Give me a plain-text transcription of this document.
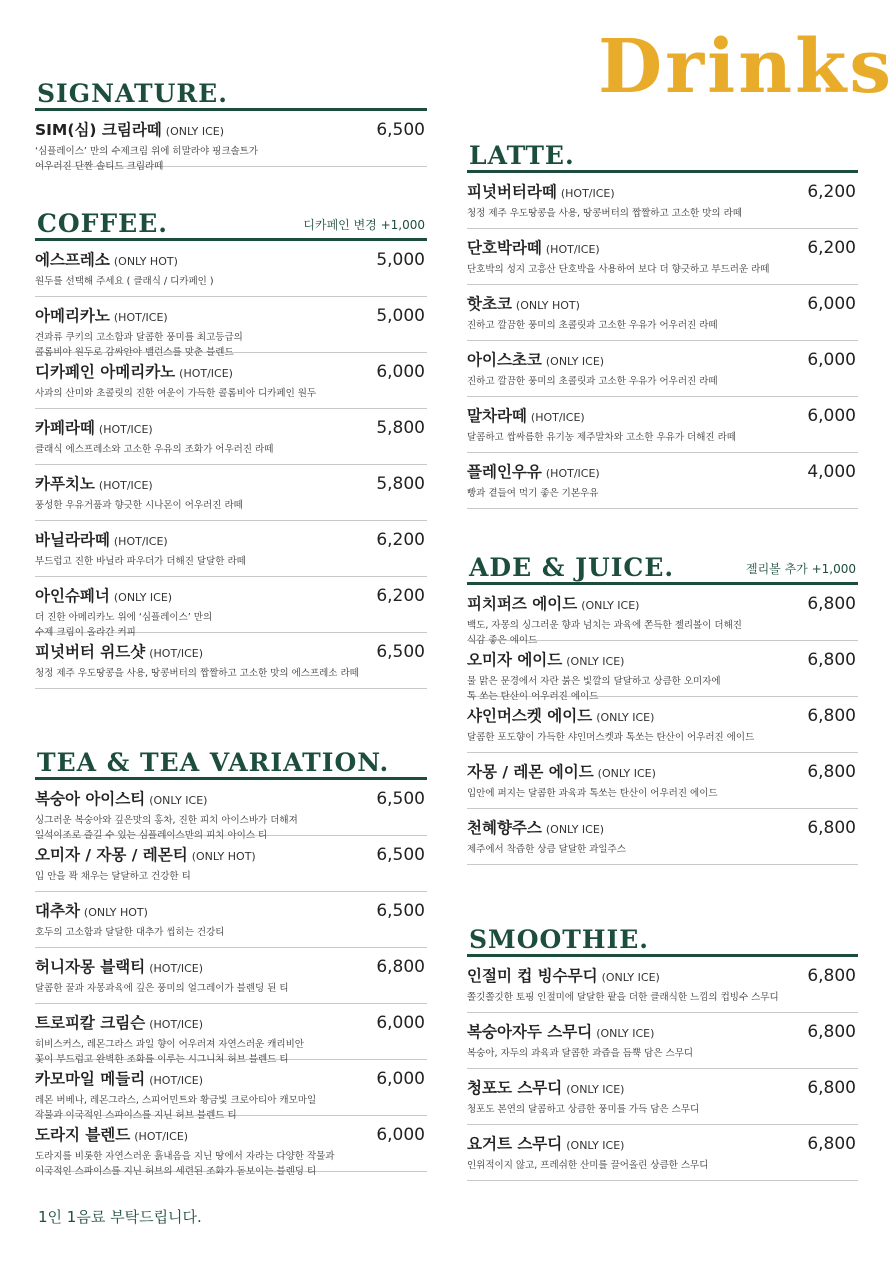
Drinks
SIGNATURE.
SIM(심) 크림라떼 (ONLY ICE)	6,500
‘심플레이스’ 만의 수제크림 위에 히말라야 핑크솔트가
어우러진 단짠 솔티드 크림라떼
COFFEE.	디카페인 변경 +1,000
에스프레소 (ONLY HOT)	5,000
원두를 선택해 주세요 ( 클래식 / 디카페인 )
아메리카노 (HOT/ICE)	5,000
견과류 쿠키의 고소함과 달콤한 풍미를 최고등급의
콜롬비아 원두로 감싸안아 밸런스를 맞춘 블렌드
디카페인 아메리카노 (HOT/ICE)	6,000
사과의 산미와 초콜릿의 진한 여운이 가득한 콜롬비아 디카페인 원두
카페라떼 (HOT/ICE)	5,800
클래식 에스프레소와 고소한 우유의 조화가 어우러진 라떼
카푸치노 (HOT/ICE)	5,800
풍성한 우유거품과 향긋한 시나몬이 어우러진 라떼
바닐라라떼 (HOT/ICE)	6,200
부드럽고 진한 바닐라 파우더가 더해진 달달한 라떼
아인슈페너 (ONLY ICE)	6,200
더 진한 아메리카노 위에 ‘심플레이스’ 만의
수제 크림이 올라간 커피
피넛버터 위드샷 (HOT/ICE)	6,500
청정 제주 우도땅콩을 사용, 땅콩버터의 짭짤하고 고소한 맛의 에스프레소 라떼
TEA & TEA VARIATION.
복숭아 아이스티 (ONLY ICE)	6,500
싱그러운 복숭아와 깊은맛의 홍차, 진한 피치 아이스바가 더해져
일석이조로 즐길 수 있는 심플레이스만의 피치 아이스 티
오미자 / 자몽 / 레몬티 (ONLY HOT)	6,500
입 안을 꽉 채우는 달달하고 건강한 티
대추차 (ONLY HOT)	6,500
호두의 고소함과 달달한 대추가 씹히는 건강티
허니자몽 블랙티 (HOT/ICE)	6,800
달콤한 꿀과 자몽과육에 깊은 풍미의 얼그레이가 블렌딩 된 티
트로피칼 크림슨 (HOT/ICE)	6,000
히비스커스, 레몬그라스 과일 향이 어우러져 자연스러운 캐리비안
꽃이 부드럽고 완벽한 조화를 이루는 시그니처 허브 블렌드 티
카모마일 메들리 (HOT/ICE)	6,000
레몬 버베나, 레몬그라스, 스피어민트와 황금빛 크로아티아 캐모마일
작물과 이국적인 스파이스를 지닌 허브 블렌드 티
도라지 블렌드 (HOT/ICE)	6,000
도라지를 비롯한 자연스러운 흙내음을 지닌 땅에서 자라는 다양한 작물과
이국적인 스파이스를 지닌 허브의 세련된 조화가 돋보이는 블렌딩 티
LATTE.
피넛버터라떼 (HOT/ICE)	6,200
청정 제주 우도땅콩을 사용, 땅콩버터의 짭짤하고 고소한 맛의 라떼
단호박라떼 (HOT/ICE)	6,200
단호박의 성지 고흥산 단호박을 사용하여 보다 더 향긋하고 부드러운 라떼
핫초코 (ONLY HOT)	6,000
진하고 깔끔한 풍미의 초콜릿과 고소한 우유가 어우러진 라떼
아이스초코 (ONLY ICE)	6,000
진하고 깔끔한 풍미의 초콜릿과 고소한 우유가 어우러진 라떼
말차라떼 (HOT/ICE)	6,000
달콤하고 쌉싸름한 유기농 제주말차와 고소한 우유가 더해진 라떼
플레인우유 (HOT/ICE)	4,000
빵과 곁들여 먹기 좋은 기본우유
ADE & JUICE.	젤리볼 추가 +1,000
피치퍼즈 에이드 (ONLY ICE)	6,800
백도, 자몽의 싱그러운 향과 넘치는 과육에 쫀득한 젤리볼이 더해진
식감 좋은 에이드
오미자 에이드 (ONLY ICE)	6,800
물 맑은 문경에서 자란 붉은 빛깔의 달달하고 상큼한 오미자에
톡 쏘는 탄산이 어우러진 에이드
샤인머스켓 에이드 (ONLY ICE)	6,800
달콤한 포도향이 가득한 샤인머스켓과 톡쏘는 탄산이 어우러진 에이드
자몽 / 레몬 에이드 (ONLY ICE)	6,800
입안에 퍼지는 달콤한 과육과 톡쏘는 탄산이 어우러진 에이드
천혜향주스 (ONLY ICE)	6,800
제주에서 착즙한 상큼 달달한 과일주스
SMOOTHIE.
인절미 컵 빙수무디 (ONLY ICE)	6,800
쫄깃쫄깃한 토핑 인절미에 달달한 팥을 더한 클래식한 느낌의 컵빙수 스무디
복숭아자두 스무디 (ONLY ICE)	6,800
복숭아, 자두의 과육과 달콤한 과즙을 듬뿍 담은 스무디
청포도 스무디 (ONLY ICE)	6,800
청포도 본연의 달콤하고 상큼한 풍미를 가득 담은 스무디
요거트 스무디 (ONLY ICE)	6,800
인위적이지 않고, 프레쉬한 산미를 끌어올린 상큼한 스무디
1인 1음료 부탁드립니다.
